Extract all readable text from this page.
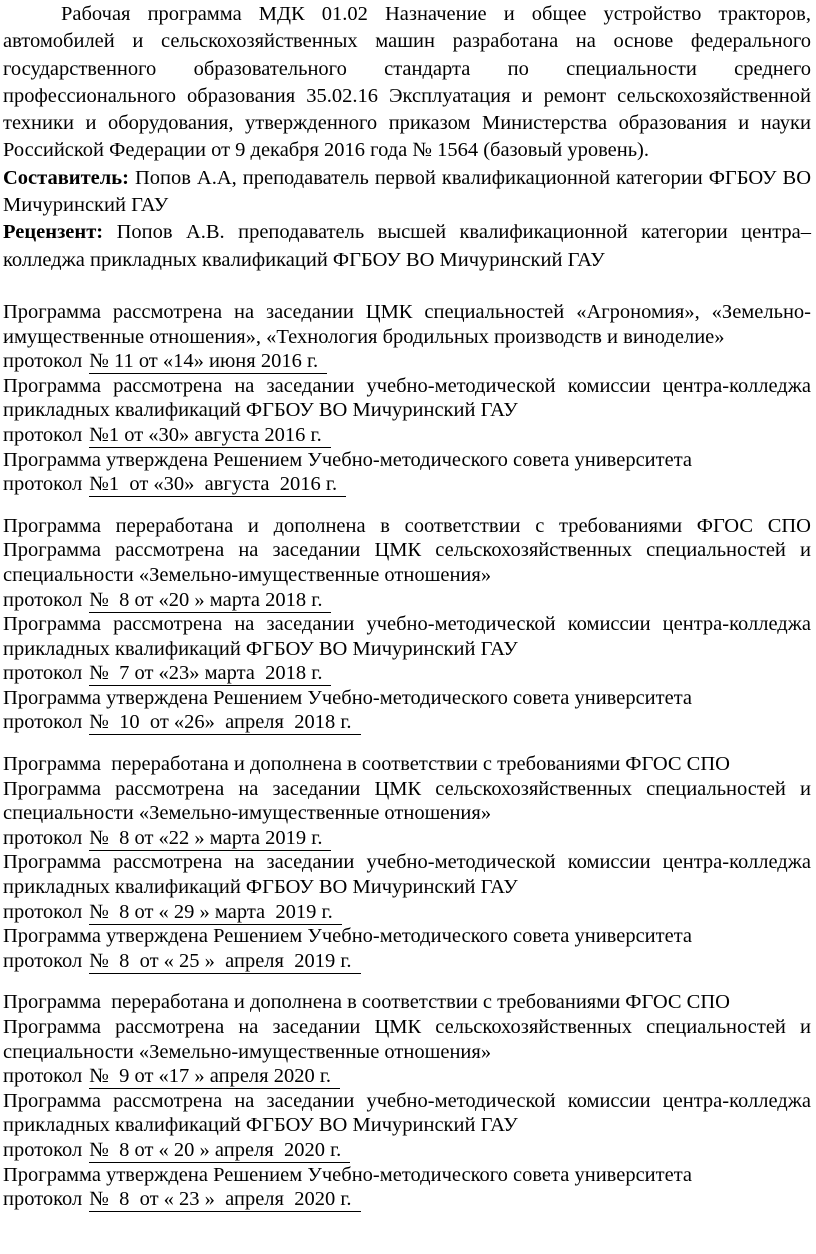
Рабочая программа МДК 01.02 Назначение и общее устройство тракторов, автомобилей и сельскохозяйственных машин разработана на основе федерального государственного образовательного стандарта по специальности среднего профессионального образования 35.02.16 Эксплуатация и ремонт сельскохозяйственной техники и оборудования, утвержденного приказом Министерства образования и науки Российской Федерации от 9 декабря 2016 года № 1564 (базовый уровень).

Составитель: Попов А.А, преподаватель первой квалификационной категории ФГБОУ ВО Мичуринский ГАУ

Рецензент: Попов А.В. преподаватель высшей квалификационной категории центра–колледжа прикладных квалификаций ФГБОУ ВО Мичуринский ГАУ

Программа рассмотрена на заседании ЦМК специальностей «Агрономия», «Земельно-имущественные отношения», «Технология бродильных производств и виноделие»

протокол № 11 от «14» июня 2016 г.

Программа рассмотрена на заседании учебно-методической комиссии центра-колледжа прикладных квалификаций ФГБОУ ВО Мичуринский ГАУ

протокол №1 от «30» августа 2016 г.

Программа утверждена Решением Учебно-методического совета университета

протокол №1  от «30»  августа  2016 г.

Программа переработана и дополнена в соответствии с требованиями ФГОС СПО

Программа рассмотрена на заседании ЦМК сельскохозяйственных специальностей и специальности «Земельно-имущественные отношения»

протокол №  8 от «20 » марта 2018 г.

Программа рассмотрена на заседании учебно-методической комиссии центра-колледжа прикладных квалификаций ФГБОУ ВО Мичуринский ГАУ

протокол №  7 от «23» марта  2018 г.

Программа утверждена Решением Учебно-методического совета университета

протокол №  10  от «26»  апреля  2018 г.

Программа  переработана и дополнена в соответствии с требованиями ФГОС СПО

Программа рассмотрена на заседании ЦМК сельскохозяйственных специальностей и специальности «Земельно-имущественные отношения»

протокол №  8 от «22 » марта 2019 г.

Программа рассмотрена на заседании учебно-методической комиссии центра-колледжа прикладных квалификаций ФГБОУ ВО Мичуринский ГАУ

протокол №  8 от « 29 » марта  2019 г.

Программа утверждена Решением Учебно-методического совета университета

протокол №  8  от « 25 »  апреля  2019 г.

Программа  переработана и дополнена в соответствии с требованиями ФГОС СПО

Программа рассмотрена на заседании ЦМК сельскохозяйственных специальностей и специальности «Земельно-имущественные отношения»

протокол №  9 от «17 » апреля 2020 г.

Программа рассмотрена на заседании учебно-методической комиссии центра-колледжа прикладных квалификаций ФГБОУ ВО Мичуринский ГАУ

протокол №  8 от « 20 » апреля  2020 г.

Программа утверждена Решением Учебно-методического совета университета

протокол №  8  от « 23 »  апреля  2020 г.
